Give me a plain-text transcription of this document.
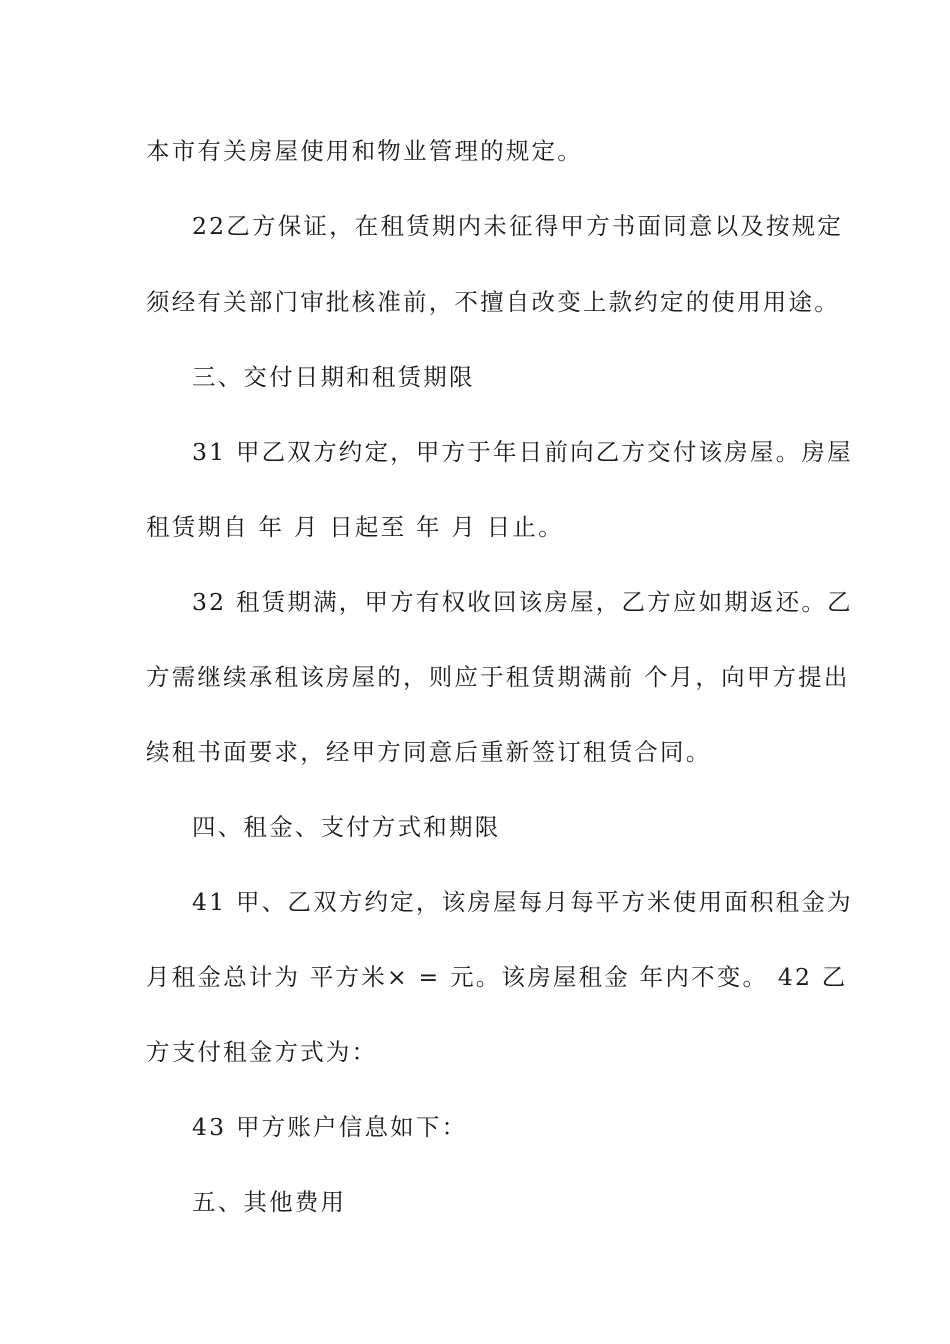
本市有关房屋使用和物业管理的规定。

22乙方保证，在租赁期内未征得甲方书面同意以及按规定

须经有关部门审批核准前，不擅自改变上款约定的使用用途。

三、交付日期和租赁期限

31 甲乙双方约定，甲方于年日前向乙方交付该房屋。房屋

租赁期自 年 月 日起至 年 月 日止。

32 租赁期满，甲方有权收回该房屋，乙方应如期返还。乙

方需继续承租该房屋的，则应于租赁期满前 个月，向甲方提出

续租书面要求，经甲方同意后重新签订租赁合同。

四、租金、支付方式和期限

41 甲、乙双方约定，该房屋每月每平方米使用面积租金为

月租金总计为 平方米× = 元。该房屋租金 年内不变。 42 乙

方支付租金方式为：

43 甲方账户信息如下：

五、其他费用
